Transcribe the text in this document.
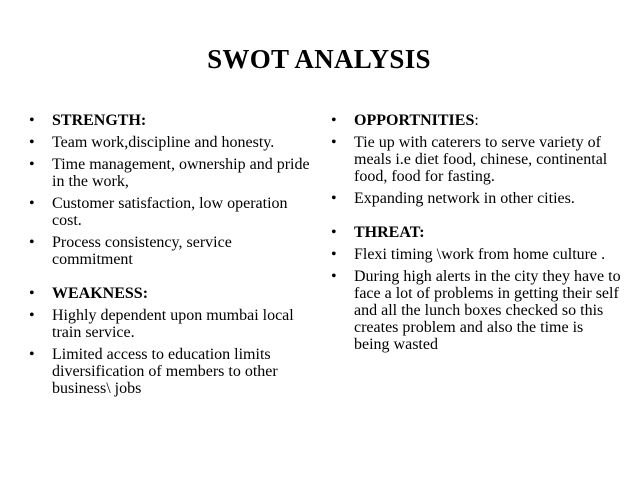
SWOT ANALYSIS
•	STRENGTH:
•	Team work,discipline and honesty.
•	Time management, ownership and pride in the work,
•	Customer satisfaction, low operation cost.
•	Process consistency, service commitment
•	WEAKNESS:
•	Highly dependent upon mumbai local train service.
•	Limited access to education limits diversification of members to other business\ jobs
•	OPPORTNITIES:
•	Tie up with caterers to serve variety of meals i.e diet food, chinese, continental food, food for fasting.
•	Expanding network in other cities.
•	THREAT:
•	Flexi timing \work from home culture .
•	During high alerts in the city they have to face a lot of problems in getting their self and all the lunch boxes checked so this creates problem and also the time is being wasted
